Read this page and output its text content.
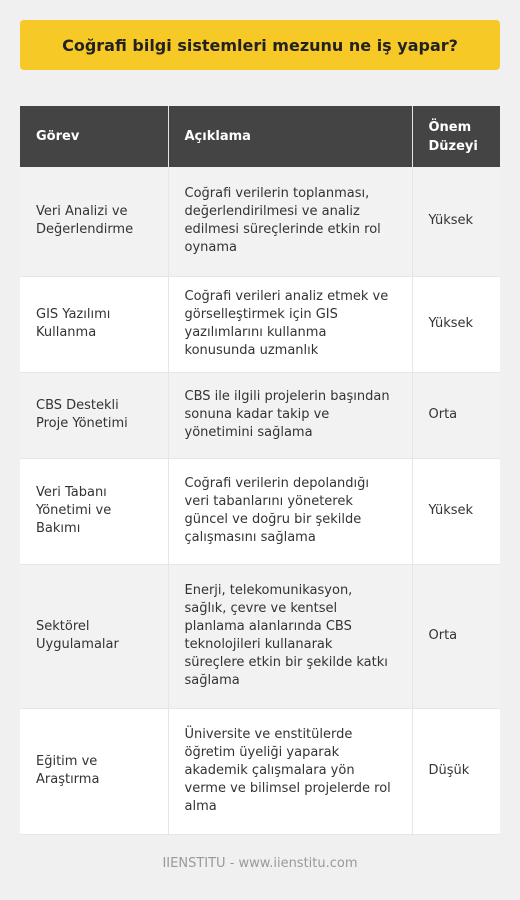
Coğrafi bilgi sistemleri mezunu ne iş yapar?
Görev	Açıklama	Önem Düzeyi
Veri Analizi ve Değerlendirme	Coğrafi verilerin toplanması, değerlendirilmesi ve analiz edilmesi süreçlerinde etkin rol oynama	Yüksek
GIS Yazılımı Kullanma	Coğrafi verileri analiz etmek ve görselleştirmek için GIS yazılımlarını kullanma konusunda uzmanlık	Yüksek
CBS Destekli Proje Yönetimi	CBS ile ilgili projelerin başından sonuna kadar takip ve yönetimini sağlama	Orta
Veri Tabanı Yönetimi ve Bakımı	Coğrafi verilerin depolandığı veri tabanlarını yöneterek güncel ve doğru bir şekilde çalışmasını sağlama	Yüksek
Sektörel Uygulamalar	Enerji, telekomunikasyon, sağlık, çevre ve kentsel planlama alanlarında CBS teknolojileri kullanarak süreçlere etkin bir şekilde katkı sağlama	Orta
Eğitim ve Araştırma	Üniversite ve enstitülerde öğretim üyeliği yaparak akademik çalışmalara yön verme ve bilimsel projelerde rol alma	Düşük
IIENSTITU - www.iienstitu.com
